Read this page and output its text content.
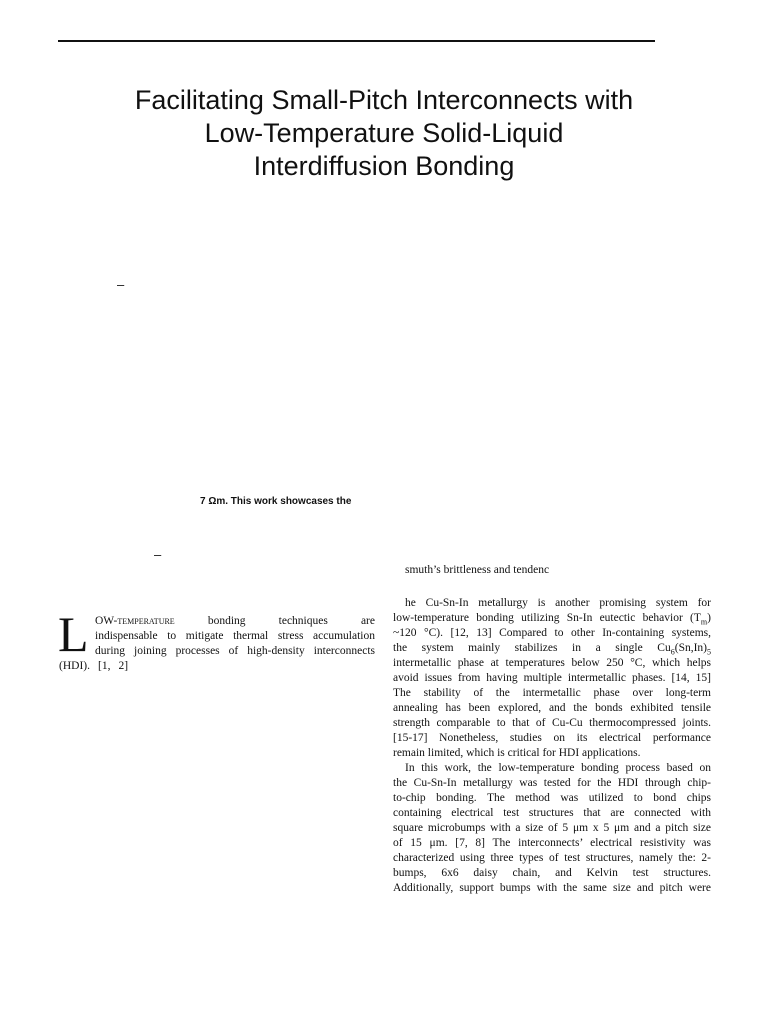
Facilitating Small-Pitch Interconnects with
Low-Temperature Solid-Liquid
Interdiffusion Bonding
–
7 Ωm. This work showcases the
–
smuth’s brittleness and tendenc
L OW-temperature bonding techniques are
indispensable to mitigate thermal stress accumulation
during joining processes of high-density interconnects
(HDI). [1, 2]
he Cu-Sn-In metallurgy is another promising system for
low-temperature bonding utilizing Sn-In eutectic behavior $(T_m)$
~120 °C). [12, 13] Compared to other In-containing systems,
the system mainly stabilizes in a single $Cu_6(Sn,In)_5$
intermetallic phase at temperatures below 250 °C, which helps
avoid issues from having multiple intermetallic phases. [14, 15]
The stability of the intermetallic phase over long-term
annealing has been explored, and the bonds exhibited tensile
strength comparable to that of Cu-Cu thermocompressed joints.
[15-17] Nonetheless, studies on its electrical performance
remain limited, which is critical for HDI applications.
In this work, the low-temperature bonding process based on
the Cu-Sn-In metallurgy was tested for the HDI through chip-
to-chip bonding. The method was utilized to bond chips
containing electrical test structures that are connected with
square microbumps with a size of 5 μm x 5 μm and a pitch size
of 15 μm. [7, 8] The interconnects’ electrical resistivity was
characterized using three types of test structures, namely the: 2-
bumps, 6x6 daisy chain, and Kelvin test structures.
Additionally, support bumps with the same size and pitch were
